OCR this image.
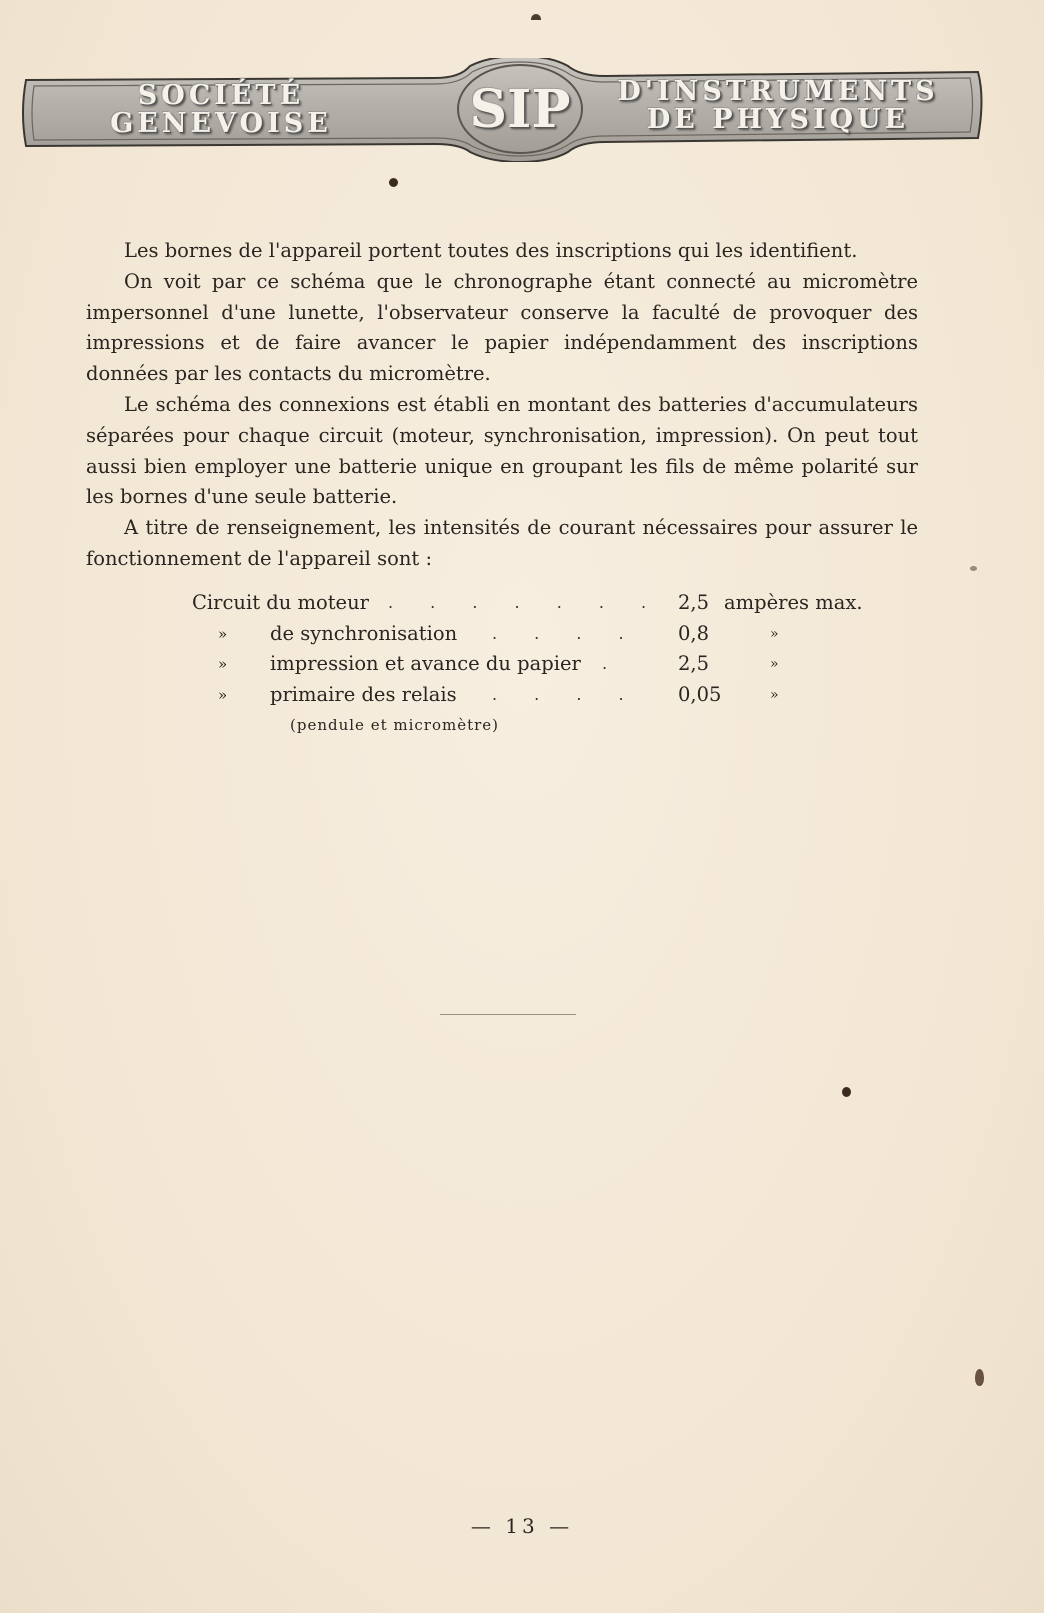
SOCIÉTÉ
GENEVOISE	SIP	D'INSTRUMENTS
DE PHYSIQUE

Les bornes de l'appareil portent toutes des inscriptions qui les identifient.

On voit par ce schéma que le chronographe étant connecté au micromètre impersonnel d'une lunette, l'observateur conserve la faculté de provoquer des impressions et de faire avancer le papier indépendamment des inscriptions données par les contacts du micromètre.

Le schéma des connexions est établi en montant des batteries d'accumulateurs séparées pour chaque circuit (moteur, synchronisation, impression). On peut tout aussi bien employer une batterie unique en groupant les fils de même polarité sur les bornes d'une seule batterie.

A titre de renseignement, les intensités de courant nécessaires pour assurer le fonctionnement de l'appareil sont :

Circuit du moteur . . . . . . . 2,5 ampères max.
» de synchronisation . . . . 0,8	»
» impression et avance du papier .	2,5	»
» primaire des relais . . . . 0,05	»
(pendule et micromètre)
— 13 —
